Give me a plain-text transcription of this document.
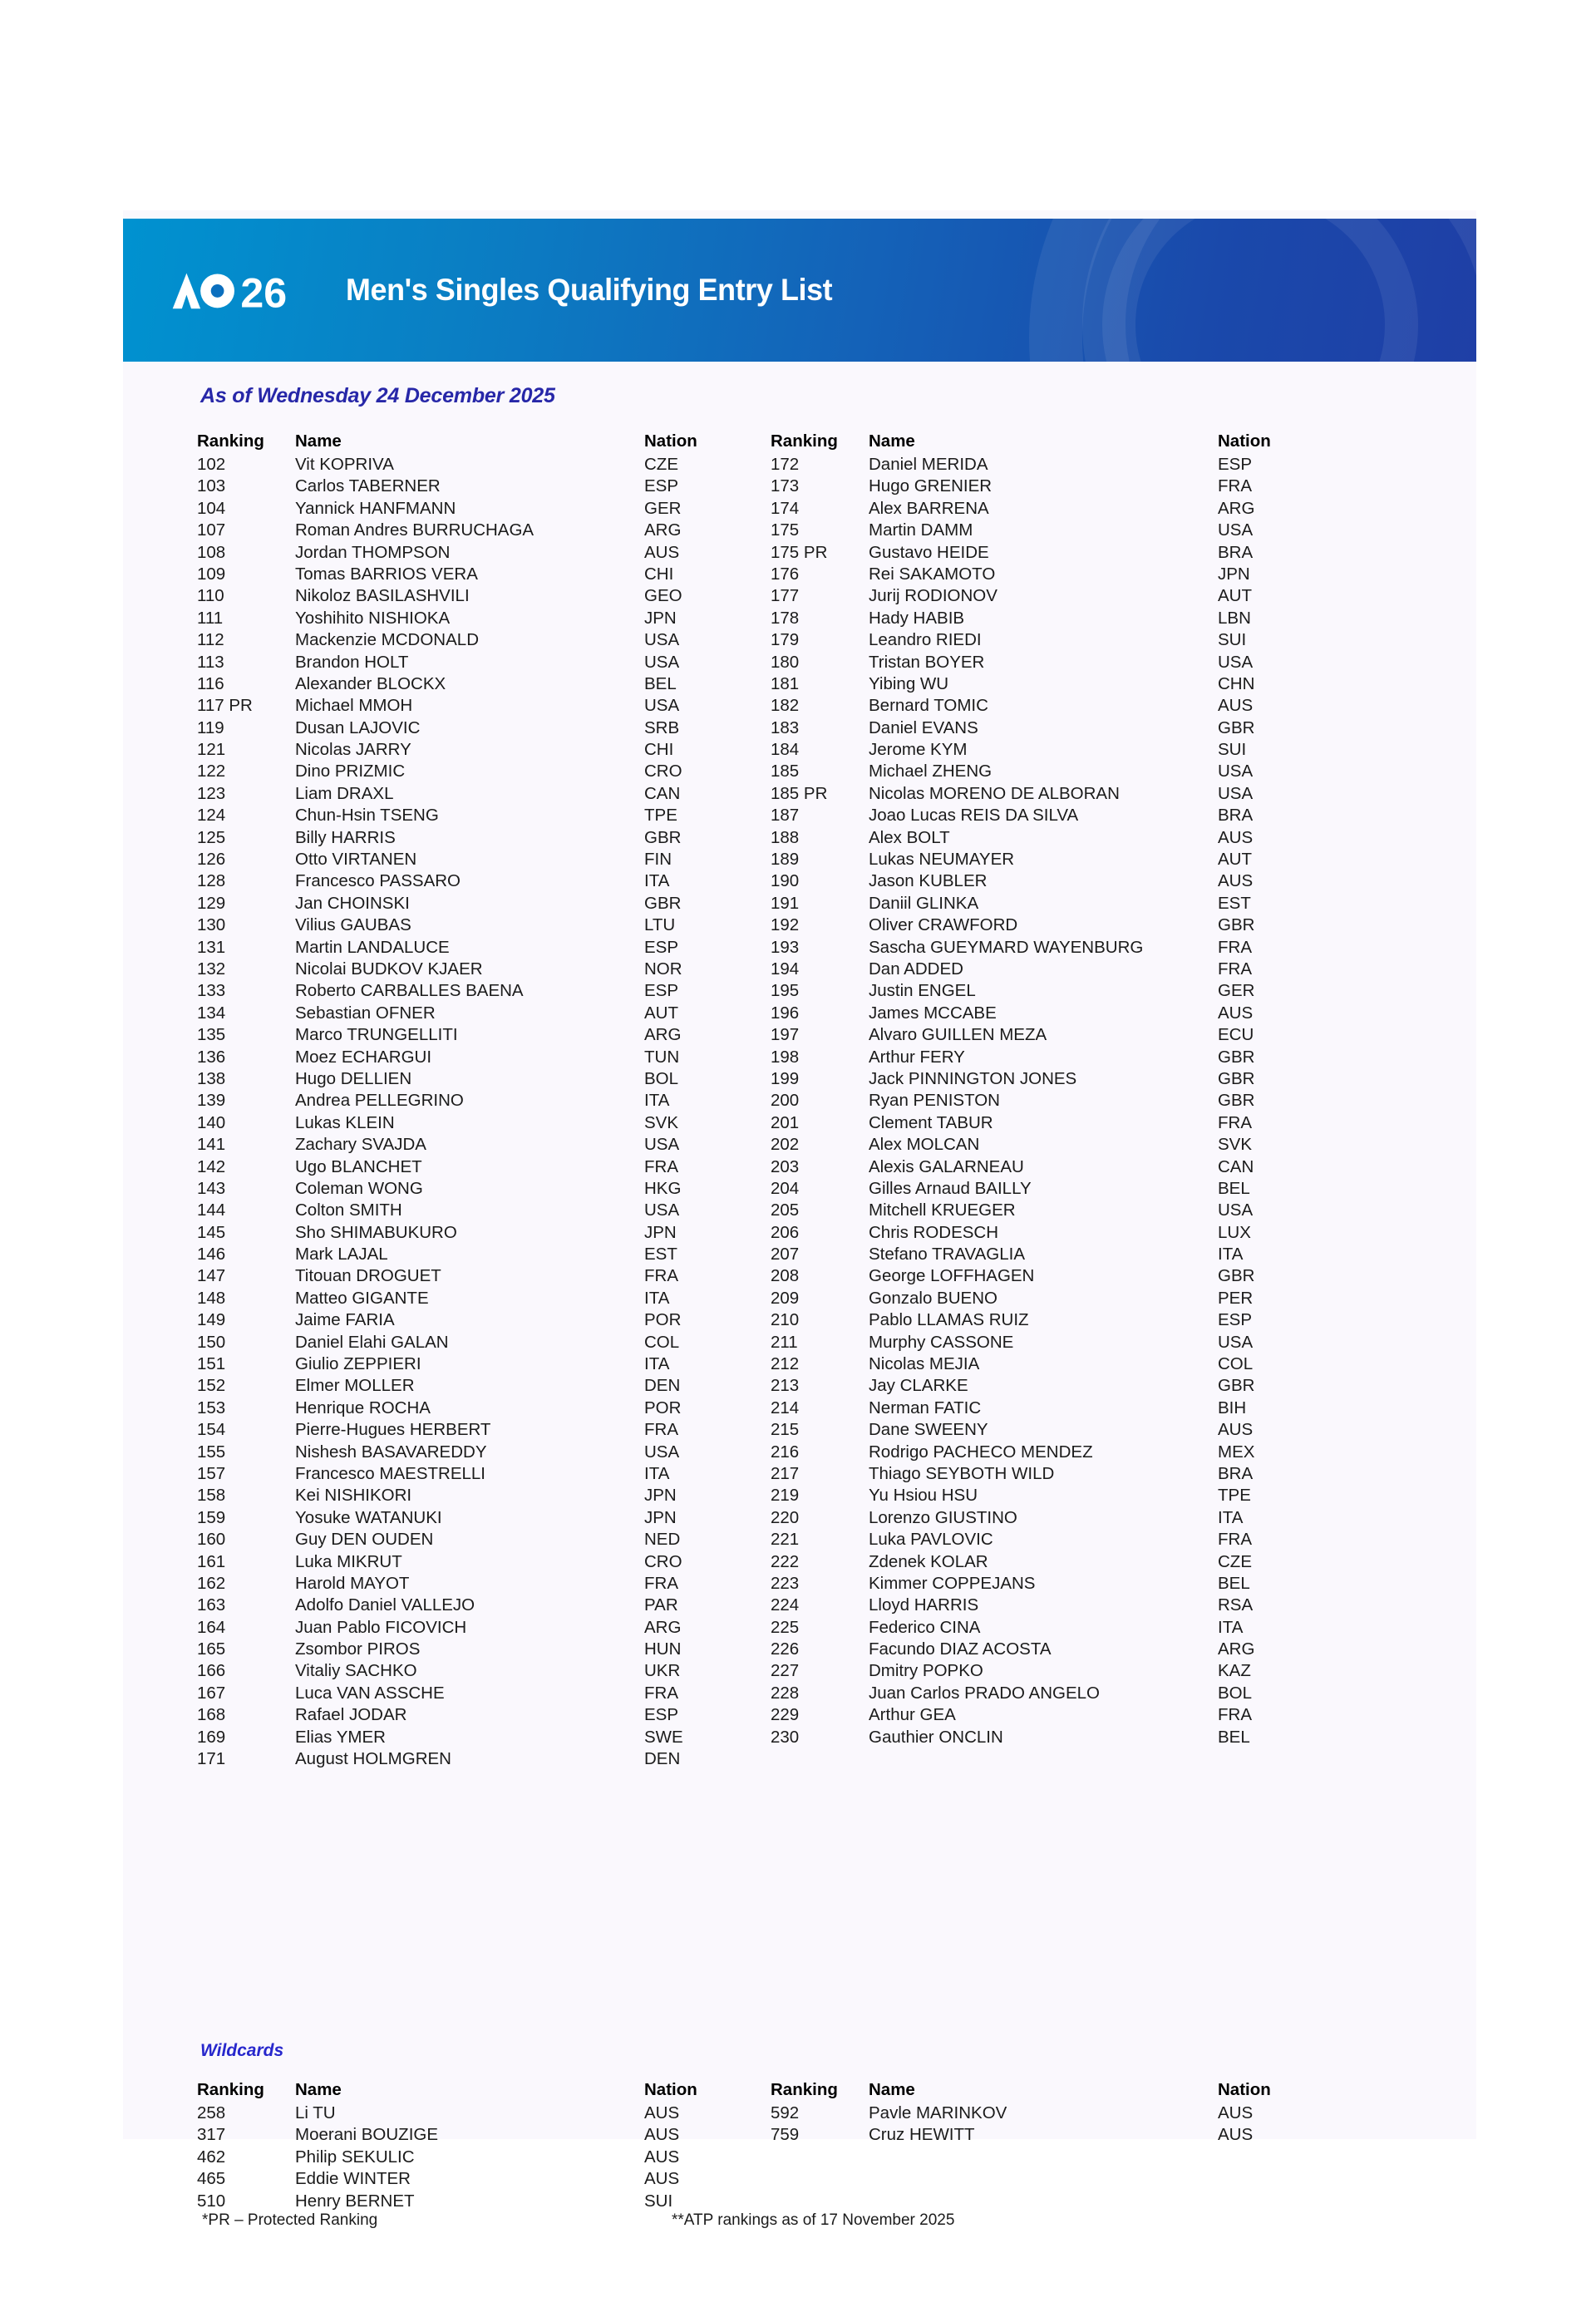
26 Men's Singles Qualifying Entry List
As of Wednesday 24 December 2025
Ranking	Name	Nation
102	Vit KOPRIVA	CZE
103	Carlos TABERNER	ESP
104	Yannick HANFMANN	GER
107	Roman Andres BURRUCHAGA	ARG
108	Jordan THOMPSON	AUS
109	Tomas BARRIOS VERA	CHI
110	Nikoloz BASILASHVILI	GEO
111	Yoshihito NISHIOKA	JPN
112	Mackenzie MCDONALD	USA
113	Brandon HOLT	USA
116	Alexander BLOCKX	BEL
117 PR	Michael MMOH	USA
119	Dusan LAJOVIC	SRB
121	Nicolas JARRY	CHI
122	Dino PRIZMIC	CRO
123	Liam DRAXL	CAN
124	Chun-Hsin TSENG	TPE
125	Billy HARRIS	GBR
126	Otto VIRTANEN	FIN
128	Francesco PASSARO	ITA
129	Jan CHOINSKI	GBR
130	Vilius GAUBAS	LTU
131	Martin LANDALUCE	ESP
132	Nicolai BUDKOV KJAER	NOR
133	Roberto CARBALLES BAENA	ESP
134	Sebastian OFNER	AUT
135	Marco TRUNGELLITI	ARG
136	Moez ECHARGUI	TUN
138	Hugo DELLIEN	BOL
139	Andrea PELLEGRINO	ITA
140	Lukas KLEIN	SVK
141	Zachary SVAJDA	USA
142	Ugo BLANCHET	FRA
143	Coleman WONG	HKG
144	Colton SMITH	USA
145	Sho SHIMABUKURO	JPN
146	Mark LAJAL	EST
147	Titouan DROGUET	FRA
148	Matteo GIGANTE	ITA
149	Jaime FARIA	POR
150	Daniel Elahi GALAN	COL
151	Giulio ZEPPIERI	ITA
152	Elmer MOLLER	DEN
153	Henrique ROCHA	POR
154	Pierre-Hugues HERBERT	FRA
155	Nishesh BASAVAREDDY	USA
157	Francesco MAESTRELLI	ITA
158	Kei NISHIKORI	JPN
159	Yosuke WATANUKI	JPN
160	Guy DEN OUDEN	NED
161	Luka MIKRUT	CRO
162	Harold MAYOT	FRA
163	Adolfo Daniel VALLEJO	PAR
164	Juan Pablo FICOVICH	ARG
165	Zsombor PIROS	HUN
166	Vitaliy SACHKO	UKR
167	Luca VAN ASSCHE	FRA
168	Rafael JODAR	ESP
169	Elias YMER	SWE
171	August HOLMGREN	DEN
Ranking	Name	Nation
172	Daniel MERIDA	ESP
173	Hugo GRENIER	FRA
174	Alex BARRENA	ARG
175	Martin DAMM	USA
175 PR	Gustavo HEIDE	BRA
176	Rei SAKAMOTO	JPN
177	Jurij RODIONOV	AUT
178	Hady HABIB	LBN
179	Leandro RIEDI	SUI
180	Tristan BOYER	USA
181	Yibing WU	CHN
182	Bernard TOMIC	AUS
183	Daniel EVANS	GBR
184	Jerome KYM	SUI
185	Michael ZHENG	USA
185 PR	Nicolas MORENO DE ALBORAN	USA
187	Joao Lucas REIS DA SILVA	BRA
188	Alex BOLT	AUS
189	Lukas NEUMAYER	AUT
190	Jason KUBLER	AUS
191	Daniil GLINKA	EST
192	Oliver CRAWFORD	GBR
193	Sascha GUEYMARD WAYENBURG	FRA
194	Dan ADDED	FRA
195	Justin ENGEL	GER
196	James MCCABE	AUS
197	Alvaro GUILLEN MEZA	ECU
198	Arthur FERY	GBR
199	Jack PINNINGTON JONES	GBR
200	Ryan PENISTON	GBR
201	Clement TABUR	FRA
202	Alex MOLCAN	SVK
203	Alexis GALARNEAU	CAN
204	Gilles Arnaud BAILLY	BEL
205	Mitchell KRUEGER	USA
206	Chris RODESCH	LUX
207	Stefano TRAVAGLIA	ITA
208	George LOFFHAGEN	GBR
209	Gonzalo BUENO	PER
210	Pablo LLAMAS RUIZ	ESP
211	Murphy CASSONE	USA
212	Nicolas MEJIA	COL
213	Jay CLARKE	GBR
214	Nerman FATIC	BIH
215	Dane SWEENY	AUS
216	Rodrigo PACHECO MENDEZ	MEX
217	Thiago SEYBOTH WILD	BRA
219	Yu Hsiou HSU	TPE
220	Lorenzo GIUSTINO	ITA
221	Luka PAVLOVIC	FRA
222	Zdenek KOLAR	CZE
223	Kimmer COPPEJANS	BEL
224	Lloyd HARRIS	RSA
225	Federico CINA	ITA
226	Facundo DIAZ ACOSTA	ARG
227	Dmitry POPKO	KAZ
228	Juan Carlos PRADO ANGELO	BOL
229	Arthur GEA	FRA
230	Gauthier ONCLIN	BEL
Wildcards
Ranking	Name	Nation
258	Li TU	AUS
317	Moerani BOUZIGE	AUS
462	Philip SEKULIC	AUS
465	Eddie WINTER	AUS
510	Henry BERNET	SUI
Ranking	Name	Nation
592	Pavle MARINKOV	AUS
759	Cruz HEWITT	AUS
*PR – Protected Ranking	**ATP rankings as of 17 November 2025
